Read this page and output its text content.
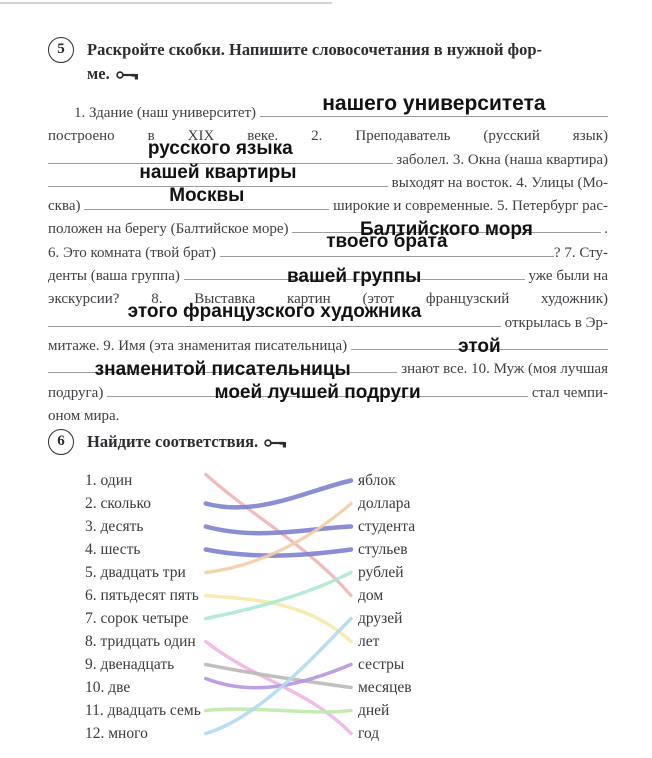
5	Раскройте скобки. Напишите словосочетания в нужной фор-
ме.
1. Здание (наш университет)	нашего университета
построено в XIX веке. 2. Преподаватель (русский язык)
русского языка
заболел. 3. Окна (наша квартира)
нашей квартиры
выходят на восток. 4. Улицы (Мо-
сква)
Москвы
широкие и современные. 5. Петербург рас-
положен на берегу (Балтийское море)	Балтийского моря	.
6. Это комната (твой брат)
твоего брата
? 7. Сту-
денты (ваша группа)	вашей группы	уже были на
экскурсии? 8. Выставка картин (этот французский художник)
этого французского художника
открылась в Эр-
митаже. 9. Имя (эта знаменитая писательница)	этой
знаменитой писательницы	знают все. 10. Муж (моя лучшая
подруга)	моей лучшей подруги	стал чемпи-
оном мира.
6	Найдите соответствия.
1. один
2. сколько
3. десять
4. шесть
5. двадцать три
6. пятьдесят пять
7. сорок четыре
8. тридцать один
9. двенадцать
10. две
11. двадцать семь
12. много
яблок
доллара
студента
стульев
рублей
дом
друзей
лет
сестры
месяцев
дней
год
